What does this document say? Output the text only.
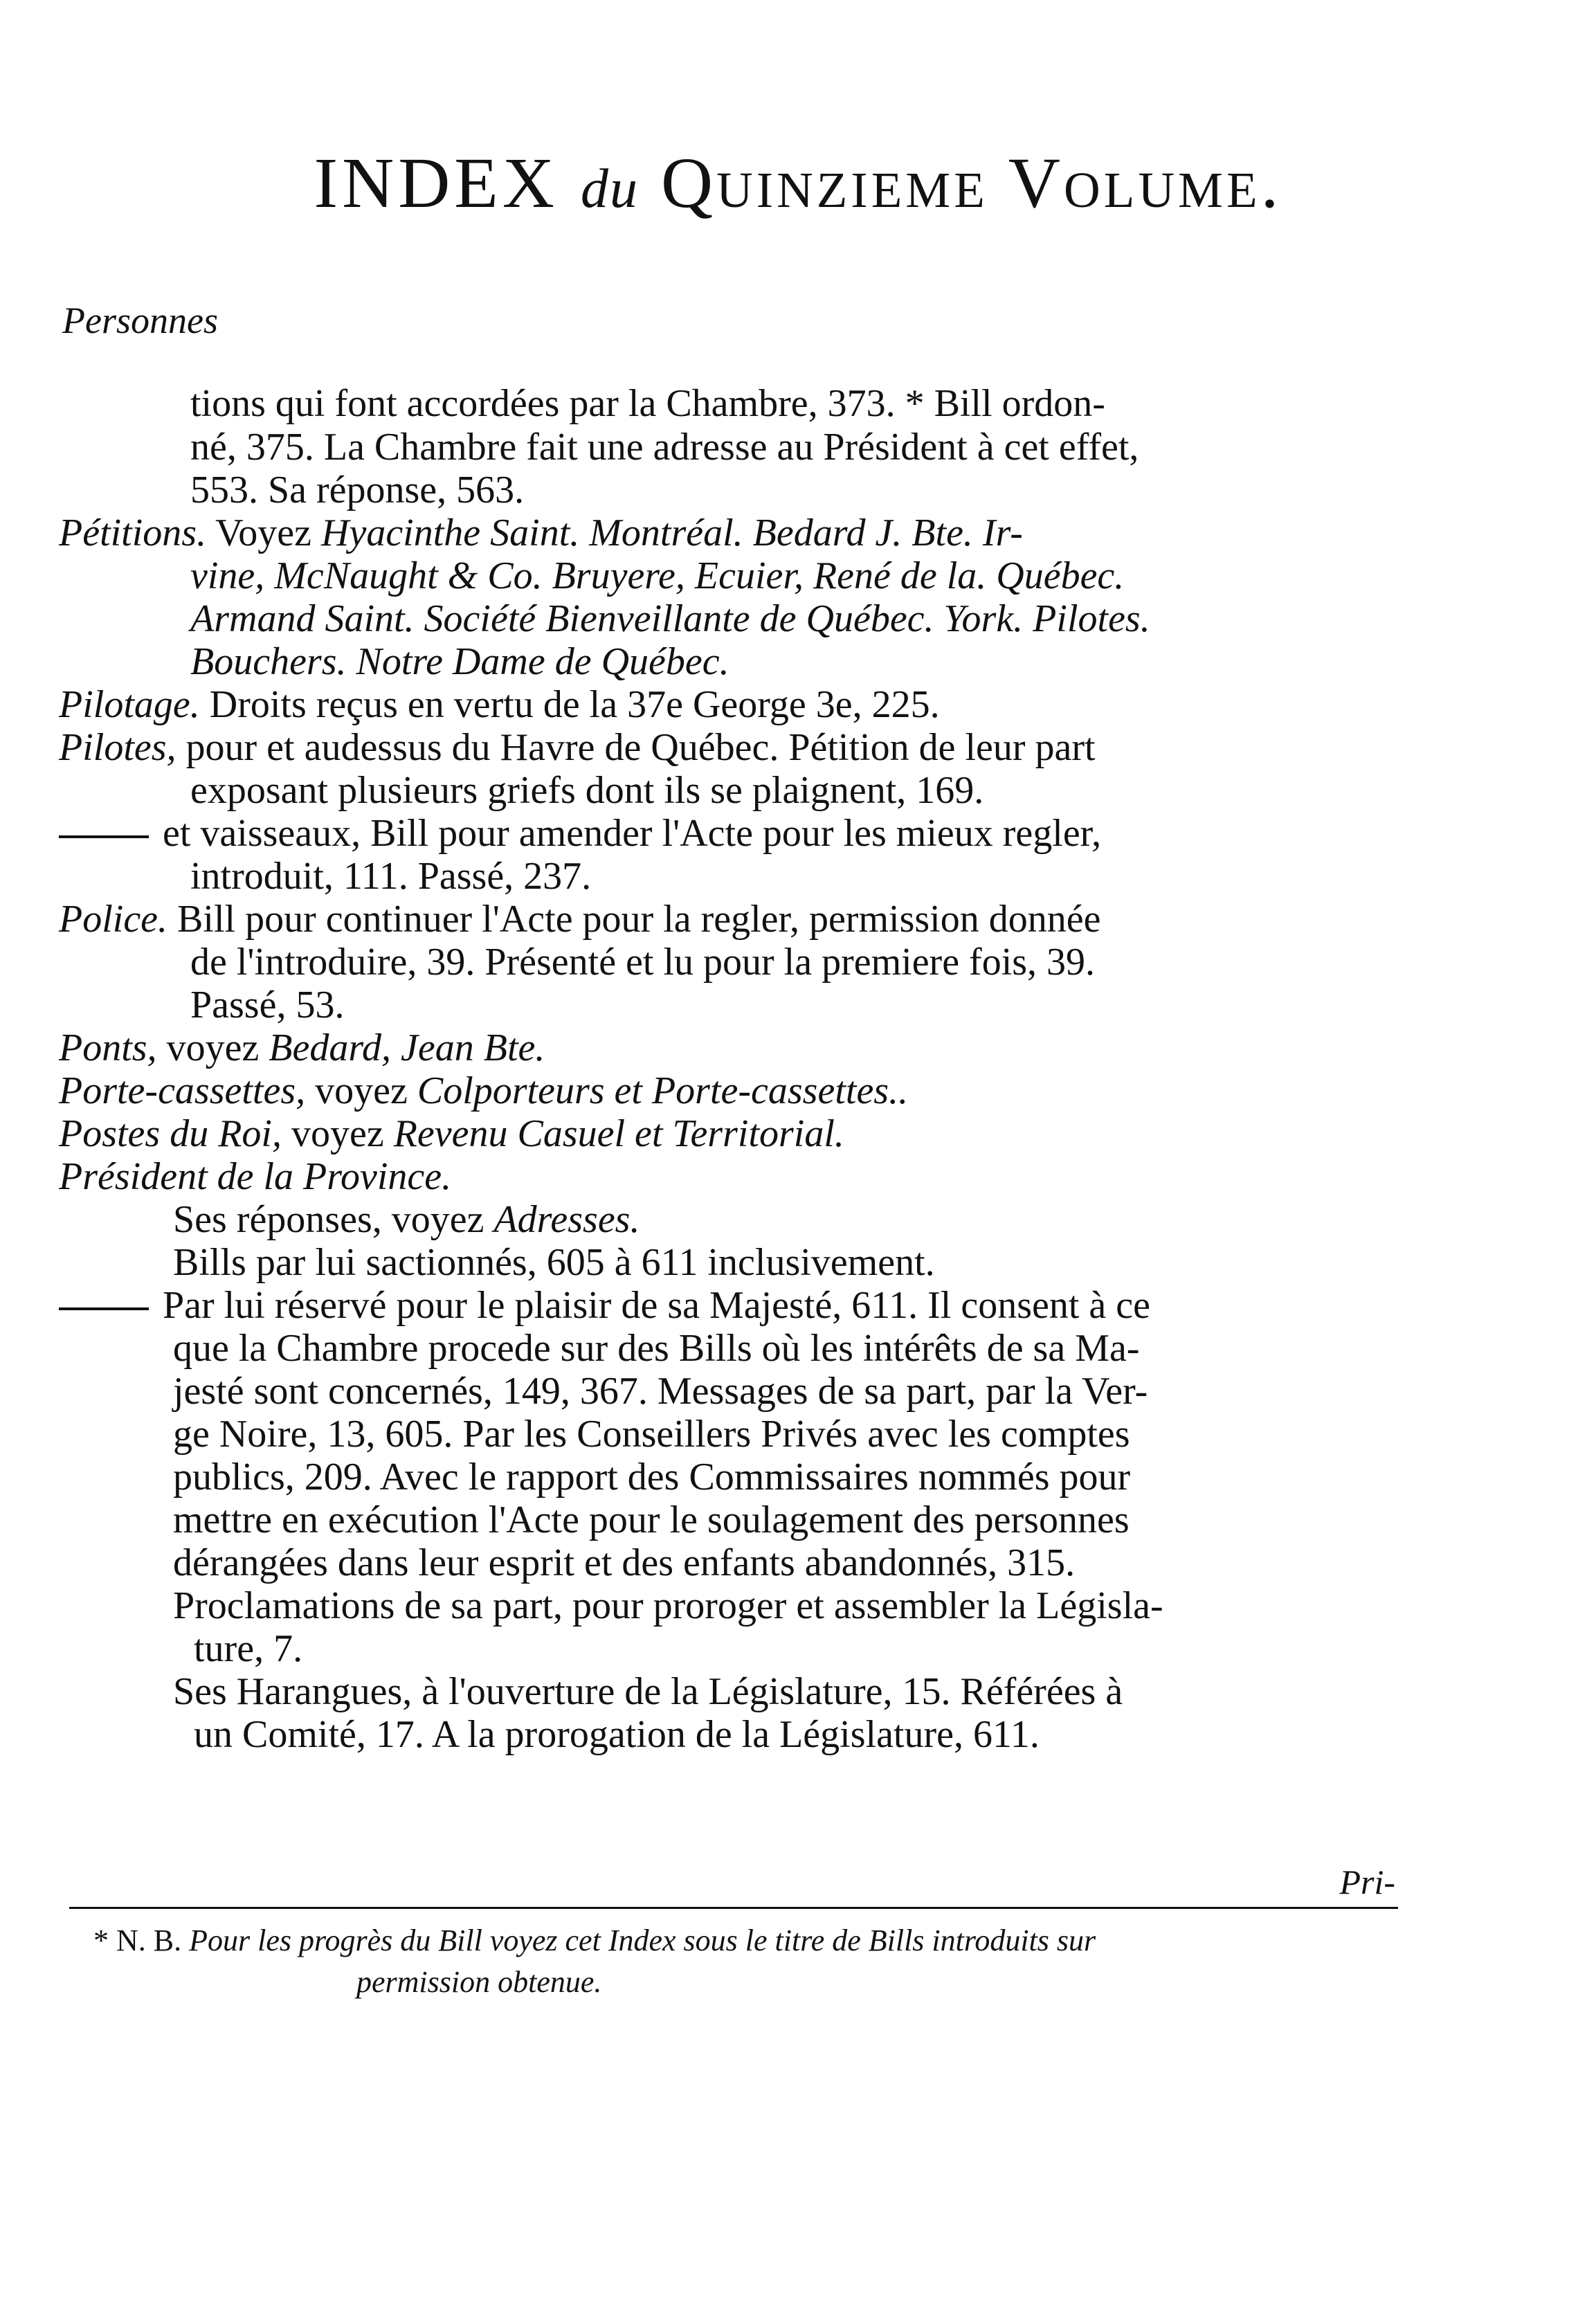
INDEX du Quinzieme Volume.
Personnes
tions qui font accordées par la Chambre, 373. * Bill ordon-
né, 375. La Chambre fait une adresse au Président à cet effet,
553. Sa réponse, 563.
Pétitions. Voyez Hyacinthe Saint. Montréal. Bedard J. Bte. Ir-
vine, McNaught & Co. Bruyere, Ecuier, René de la. Québec.
Armand Saint. Société Bienveillante de Québec. York. Pilotes.
Bouchers. Notre Dame de Québec.
Pilotage. Droits reçus en vertu de la 37e George 3e, 225.
Pilotes, pour et audessus du Havre de Québec. Pétition de leur part
exposant plusieurs griefs dont ils se plaignent, 169.
et vaisseaux, Bill pour amender l'Acte pour les mieux regler,
introduit, 111. Passé, 237.
Police. Bill pour continuer l'Acte pour la regler, permission donnée
de l'introduire, 39. Présenté et lu pour la premiere fois, 39.
Passé, 53.
Ponts, voyez Bedard, Jean Bte.
Porte-cassettes, voyez Colporteurs et Porte-cassettes..
Postes du Roi, voyez Revenu Casuel et Territorial.
Président de la Province.
Ses réponses, voyez Adresses.
Bills par lui sactionnés, 605 à 611 inclusivement.
Par lui réservé pour le plaisir de sa Majesté, 611. Il consent à ce
que la Chambre procede sur des Bills où les intérêts de sa Ma-
jesté sont concernés, 149, 367. Messages de sa part, par la Ver-
ge Noire, 13, 605. Par les Conseillers Privés avec les comptes
publics, 209. Avec le rapport des Commissaires nommés pour
mettre en exécution l'Acte pour le soulagement des personnes
dérangées dans leur esprit et des enfants abandonnés, 315.
Proclamations de sa part, pour proroger et assembler la Législa-
ture, 7.
Ses Harangues, à l'ouverture de la Législature, 15. Référées à
un Comité, 17. A la prorogation de la Législature, 611.
Pri-
* N. B. Pour les progrès du Bill voyez cet Index sous le titre de Bills introduits sur
permission obtenue.
